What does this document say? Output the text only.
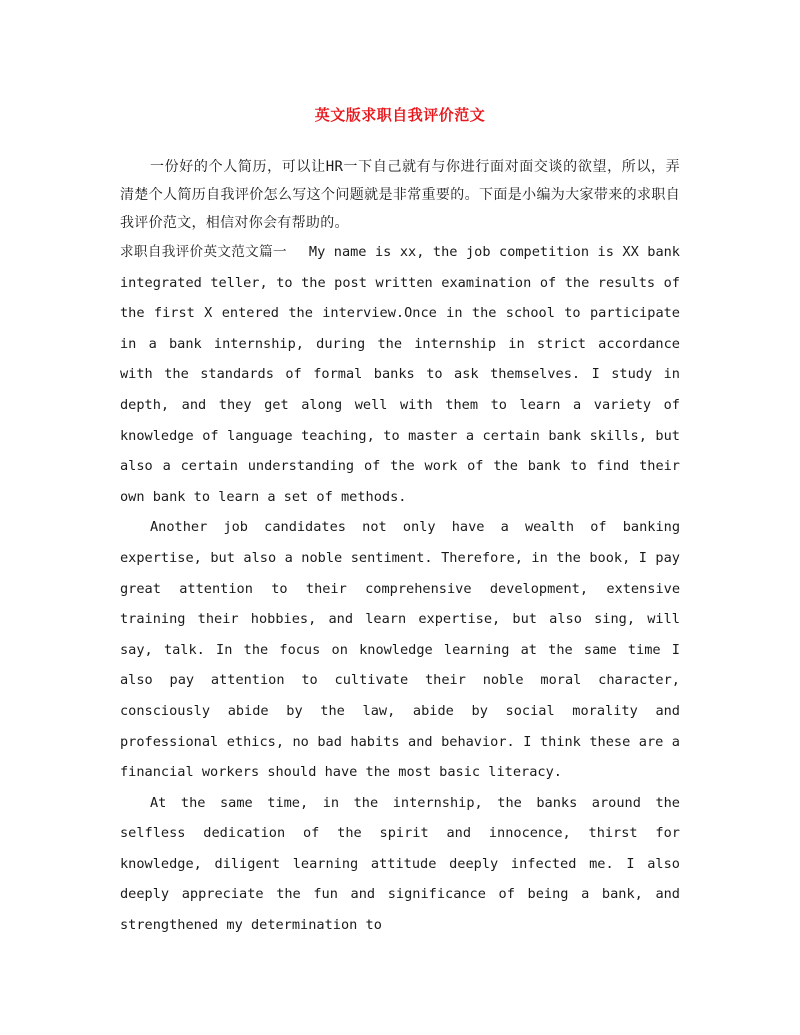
英文版求职自我评价范文

一份好的个人简历，可以让HR一下自己就有与你进行面对面交谈的欲望，所以，弄清楚个人简历自我评价怎么写这个问题就是非常重要的。下面是小编为大家带来的求职自我评价范文，相信对你会有帮助的。

求职自我评价英文范文篇一 My name is xx, the job competition is XX bank integrated teller, to the post written examination of the results of the first X entered the interview.Once in the school to participate in a bank internship, during the internship in strict accordance with the standards of formal banks to ask themselves. I study in depth, and they get along well with them to learn a variety of knowledge of language teaching, to master a certain bank skills, but also a certain understanding of the work of the bank to find their own bank to learn a set of methods.

Another job candidates not only have a wealth of banking expertise, but also a noble sentiment. Therefore, in the book, I pay great attention to their comprehensive development, extensive training their hobbies, and learn expertise, but also sing, will say, talk. In the focus on knowledge learning at the same time I also pay attention to cultivate their noble moral character, consciously abide by the law, abide by social morality and professional ethics, no bad habits and behavior. I think these are a financial workers should have the most basic literacy.

At the same time, in the internship, the banks around the selfless dedication of the spirit and innocence, thirst for knowledge, diligent learning attitude deeply infected me. I also deeply appreciate the fun and significance of being a bank, and strengthened my determination to
